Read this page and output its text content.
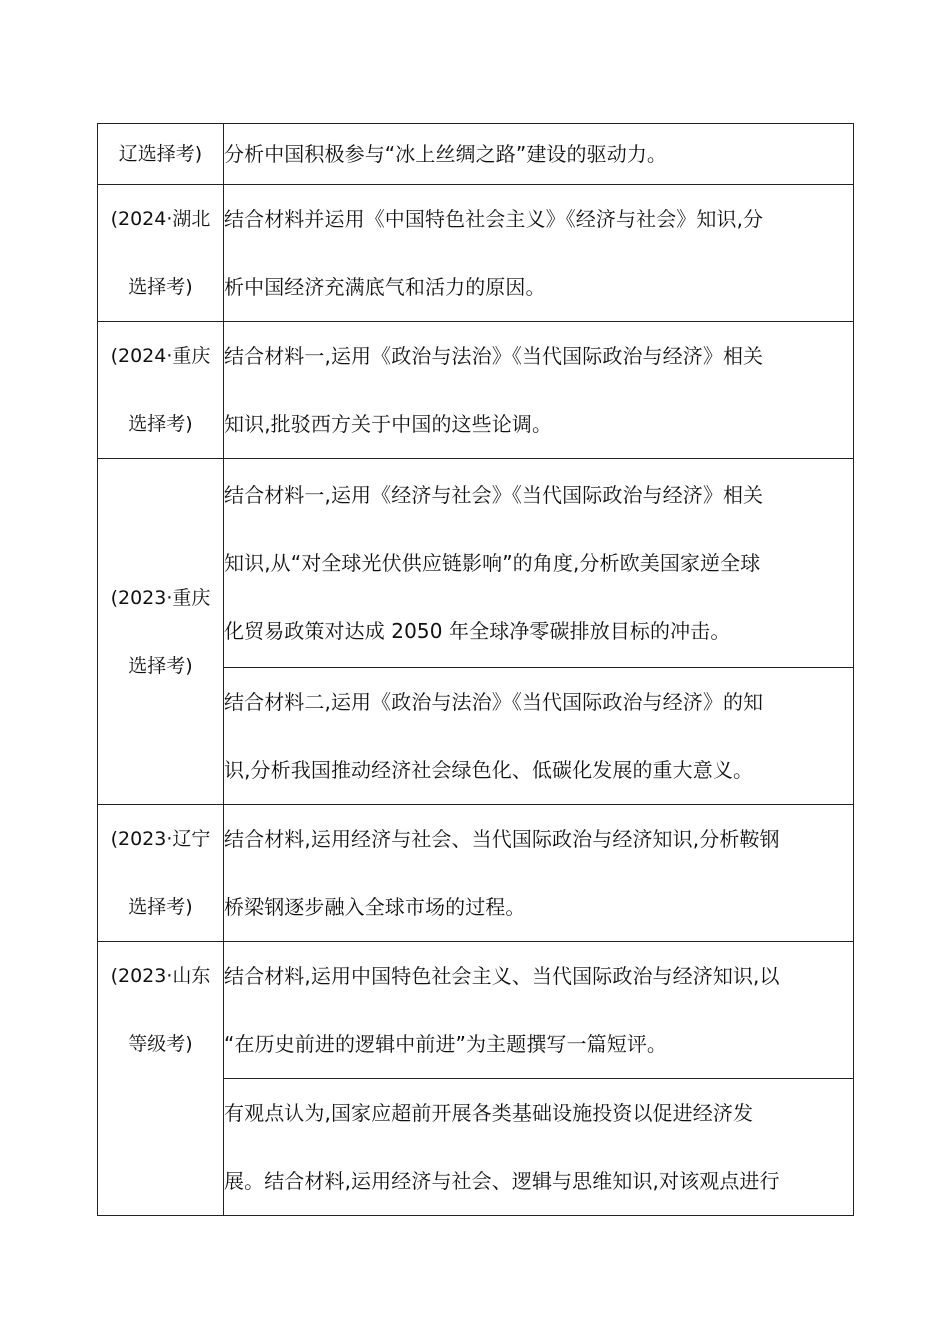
辽选择考)	分析中国积极参与“冰上丝绸之路”建设的驱动力。

(2024·湖北
选择考)	结合材料并运用《中国特色社会主义》《经济与社会》知识,分
析中国经济充满底气和活力的原因。

(2024·重庆
选择考)	结合材料一,运用《政治与法治》《当代国际政治与经济》相关
知识,批驳西方关于中国的这些论调。

(2023·重庆
选择考)	结合材料一,运用《经济与社会》《当代国际政治与经济》相关
知识,从“对全球光伏供应链影响”的角度,分析欧美国家逆全球
化贸易政策对达成 2050 年全球净零碳排放目标的冲击。

	结合材料二,运用《政治与法治》《当代国际政治与经济》的知
识,分析我国推动经济社会绿色化、低碳化发展的重大意义。

(2023·辽宁
选择考)	结合材料,运用经济与社会、当代国际政治与经济知识,分析鞍钢
桥梁钢逐步融入全球市场的过程。

(2023·山东
等级考)	结合材料,运用中国特色社会主义、当代国际政治与经济知识,以
“在历史前进的逻辑中前进”为主题撰写一篇短评。

	有观点认为,国家应超前开展各类基础设施投资以促进经济发
展。结合材料,运用经济与社会、逻辑与思维知识,对该观点进行
